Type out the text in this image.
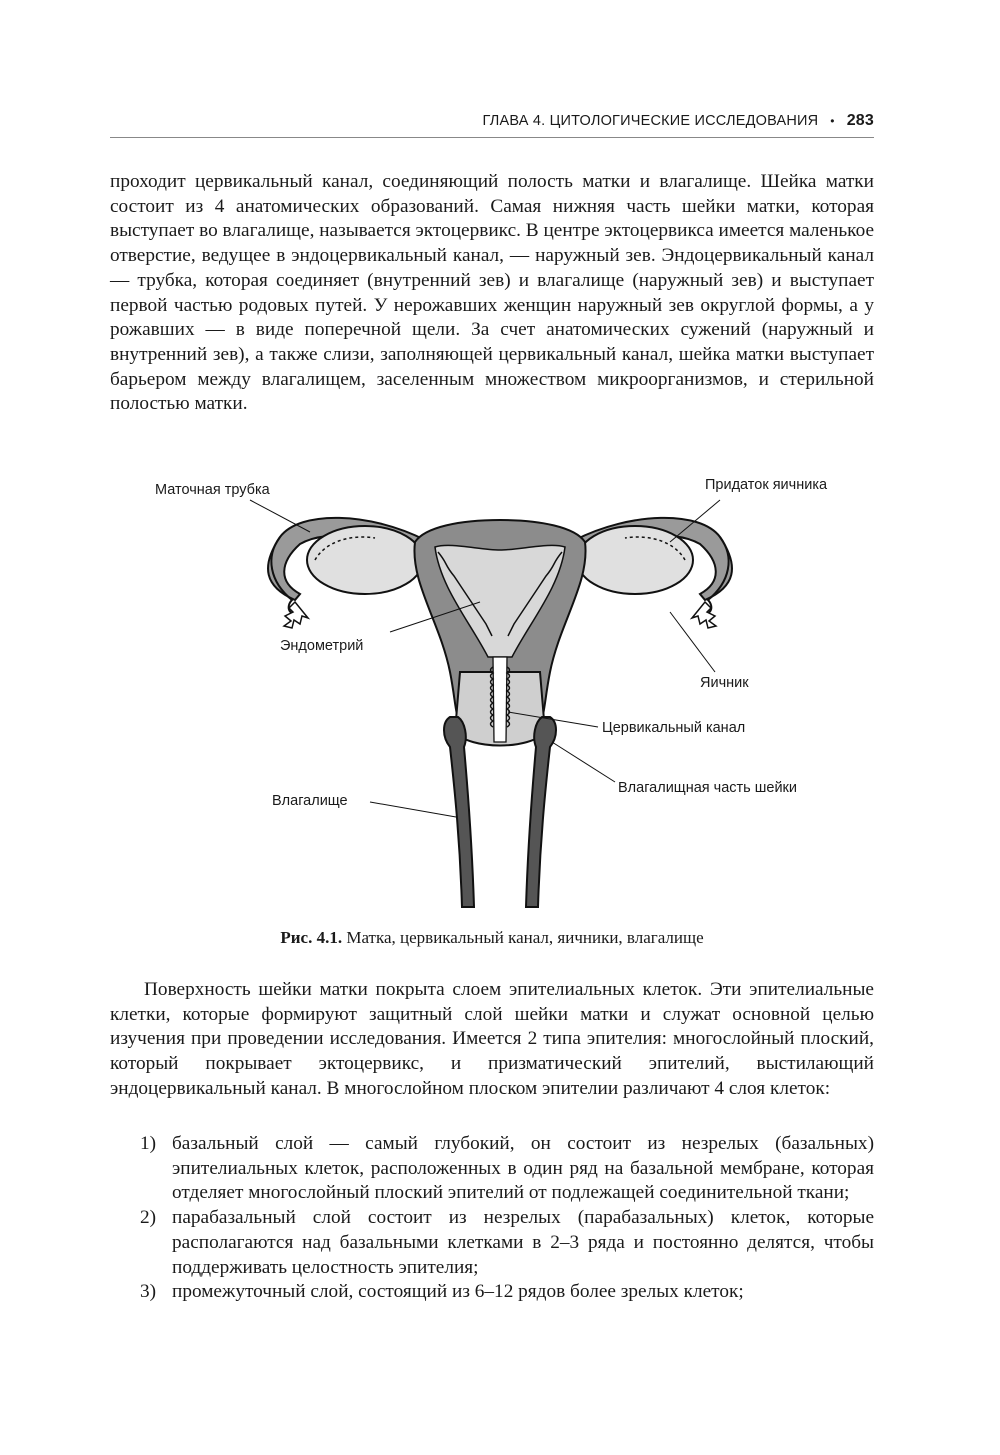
ГЛАВА 4. ЦИТОЛОГИЧЕСКИЕ ИССЛЕДОВАНИЯ • 283

проходит цервикальный канал, соединяющий полость матки и влагалище. Шейка матки состоит из 4 анатомических образований. Самая нижняя часть шейки матки, которая выступает во влагалище, называется эктоцервикс. В центре эктоцервикса имеется маленькое отверстие, ведущее в эндоцервикальный канал, — наружный зев. Эндоцервикальный канал — трубка, которая соединяет (внутренний зев) и влагалище (наружный зев) и выступает первой частью родовых путей. У нерожавших женщин наружный зев округлой формы, а у рожавших — в виде поперечной щели. За счет анатомических сужений (наружный и внутренний зев), а также слизи, заполняющей цервикальный канал, шейка матки выступает барьером между влагалищем, заселенным множеством микроорганизмов, и стерильной полостью матки.

Маточная трубка	Придаток яичника
Эндометрий
Яичник
Цервикальный канал
Влагалищная часть шейки
Влагалище

Рис. 4.1. Матка, цервикальный канал, яичники, влагалище

Поверхность шейки матки покрыта слоем эпителиальных клеток. Эти эпителиальные клетки, которые формируют защитный слой шейки матки и служат основной целью изучения при проведении исследования. Имеется 2 типа эпителия: многослойный плоский, который покрывает эктоцервикс, и призматический эпителий, выстилающий эндоцервикальный канал. В многослойном плоском эпителии различают 4 слоя клеток:

1) базальный слой — самый глубокий, он состоит из незрелых (базальных) эпителиальных клеток, расположенных в один ряд на базальной мембране, которая отделяет многослойный плоский эпителий от подлежащей соединительной ткани;
2) парабазальный слой состоит из незрелых (парабазальных) клеток, которые располагаются над базальными клетками в 2–3 ряда и постоянно делятся, чтобы поддерживать целостность эпителия;
3) промежуточный слой, состоящий из 6–12 рядов более зрелых клеток;
